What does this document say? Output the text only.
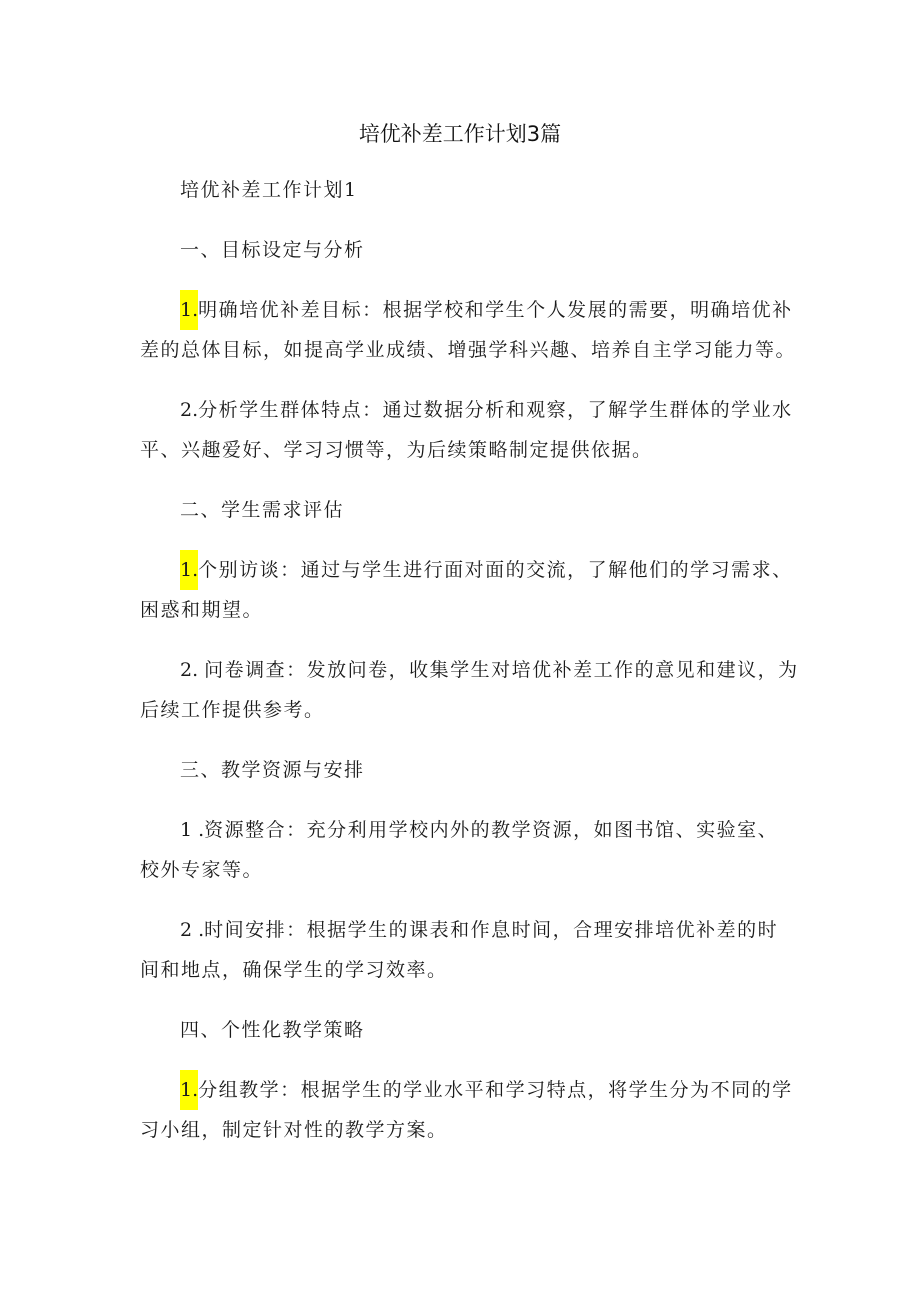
培优补差工作计划3篇
培优补差工作计划1
一、目标设定与分析
1.明确培优补差目标：根据学校和学生个人发展的需要，明确培优补
差的总体目标，如提高学业成绩、增强学科兴趣、培养自主学习能力等。
2.分析学生群体特点：通过数据分析和观察，了解学生群体的学业水
平、兴趣爱好、学习习惯等，为后续策略制定提供依据。
二、学生需求评估
1.个别访谈：通过与学生进行面对面的交流，了解他们的学习需求、
困惑和期望。
2. 问卷调查：发放问卷，收集学生对培优补差工作的意见和建议，为
后续工作提供参考。
三、教学资源与安排
1 .资源整合：充分利用学校内外的教学资源，如图书馆、实验室、
校外专家等。
2 .时间安排：根据学生的课表和作息时间，合理安排培优补差的时
间和地点，确保学生的学习效率。
四、个性化教学策略
1.分组教学：根据学生的学业水平和学习特点，将学生分为不同的学
习小组，制定针对性的教学方案。
